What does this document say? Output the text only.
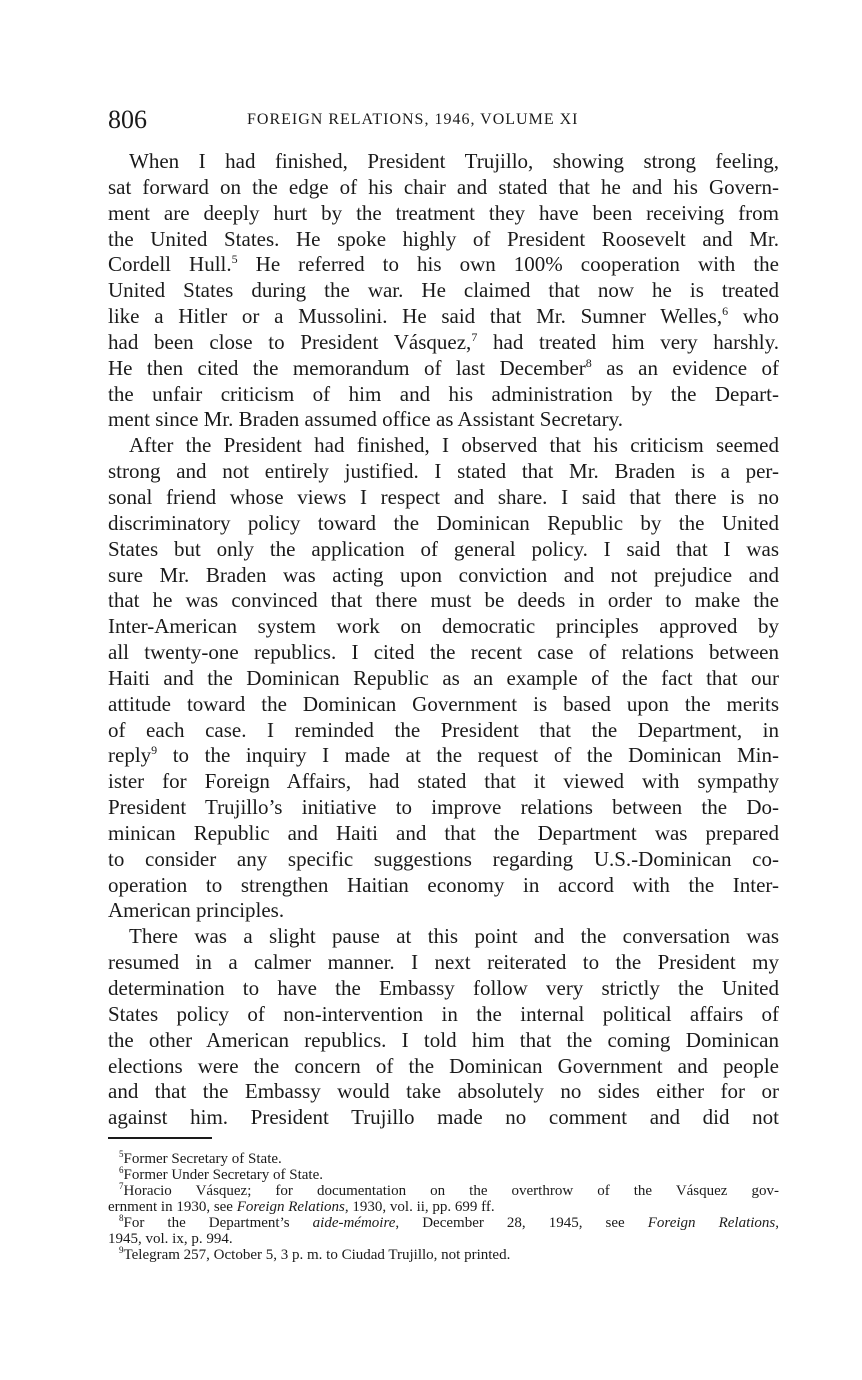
806	FOREIGN RELATIONS, 1946, VOLUME XI
When I had finished, President Trujillo, showing strong feeling,
sat forward on the edge of his chair and stated that he and his Govern-
ment are deeply hurt by the treatment they have been receiving from
the United States. He spoke highly of President Roosevelt and Mr.
Cordell Hull.$^5$ He referred to his own 100% cooperation with the
United States during the war. He claimed that now he is treated
like a Hitler or a Mussolini. He said that Mr. Sumner Welles,$^6$ who
had been close to President Vásquez,$^7$ had treated him very harshly.
He then cited the memorandum of last December$^8$ as an evidence of
the unfair criticism of him and his administration by the Depart-
ment since Mr. Braden assumed office as Assistant Secretary.
After the President had finished, I observed that his criticism seemed
strong and not entirely justified. I stated that Mr. Braden is a per-
sonal friend whose views I respect and share. I said that there is no
discriminatory policy toward the Dominican Republic by the United
States but only the application of general policy. I said that I was
sure Mr. Braden was acting upon conviction and not prejudice and
that he was convinced that there must be deeds in order to make the
Inter-American system work on democratic principles approved by
all twenty-one republics. I cited the recent case of relations between
Haiti and the Dominican Republic as an example of the fact that our
attitude toward the Dominican Government is based upon the merits
of each case. I reminded the President that the Department, in
reply$^9$ to the inquiry I made at the request of the Dominican Min-
ister for Foreign Affairs, had stated that it viewed with sympathy
President Trujillo’s initiative to improve relations between the Do-
minican Republic and Haiti and that the Department was prepared
to consider any specific suggestions regarding U.S.-Dominican co-
operation to strengthen Haitian economy in accord with the Inter-
American principles.
There was a slight pause at this point and the conversation was
resumed in a calmer manner. I next reiterated to the President my
determination to have the Embassy follow very strictly the United
States policy of non-intervention in the internal political affairs of
the other American republics. I told him that the coming Dominican
elections were the concern of the Dominican Government and people
and that the Embassy would take absolutely no sides either for or
against him. President Trujillo made no comment and did not
$^5$Former Secretary of State.
$^6$Former Under Secretary of State.
$^7$Horacio Vásquez; for documentation on the overthrow of the Vásquez gov-
ernment in 1930, see Foreign Relations, 1930, vol. ii, pp. 699 ff.
$^8$For the Department’s aide-mémoire, December 28, 1945, see Foreign Relations,
1945, vol. ix, p. 994.
$^9$Telegram 257, October 5, 3 p. m. to Ciudad Trujillo, not printed.
